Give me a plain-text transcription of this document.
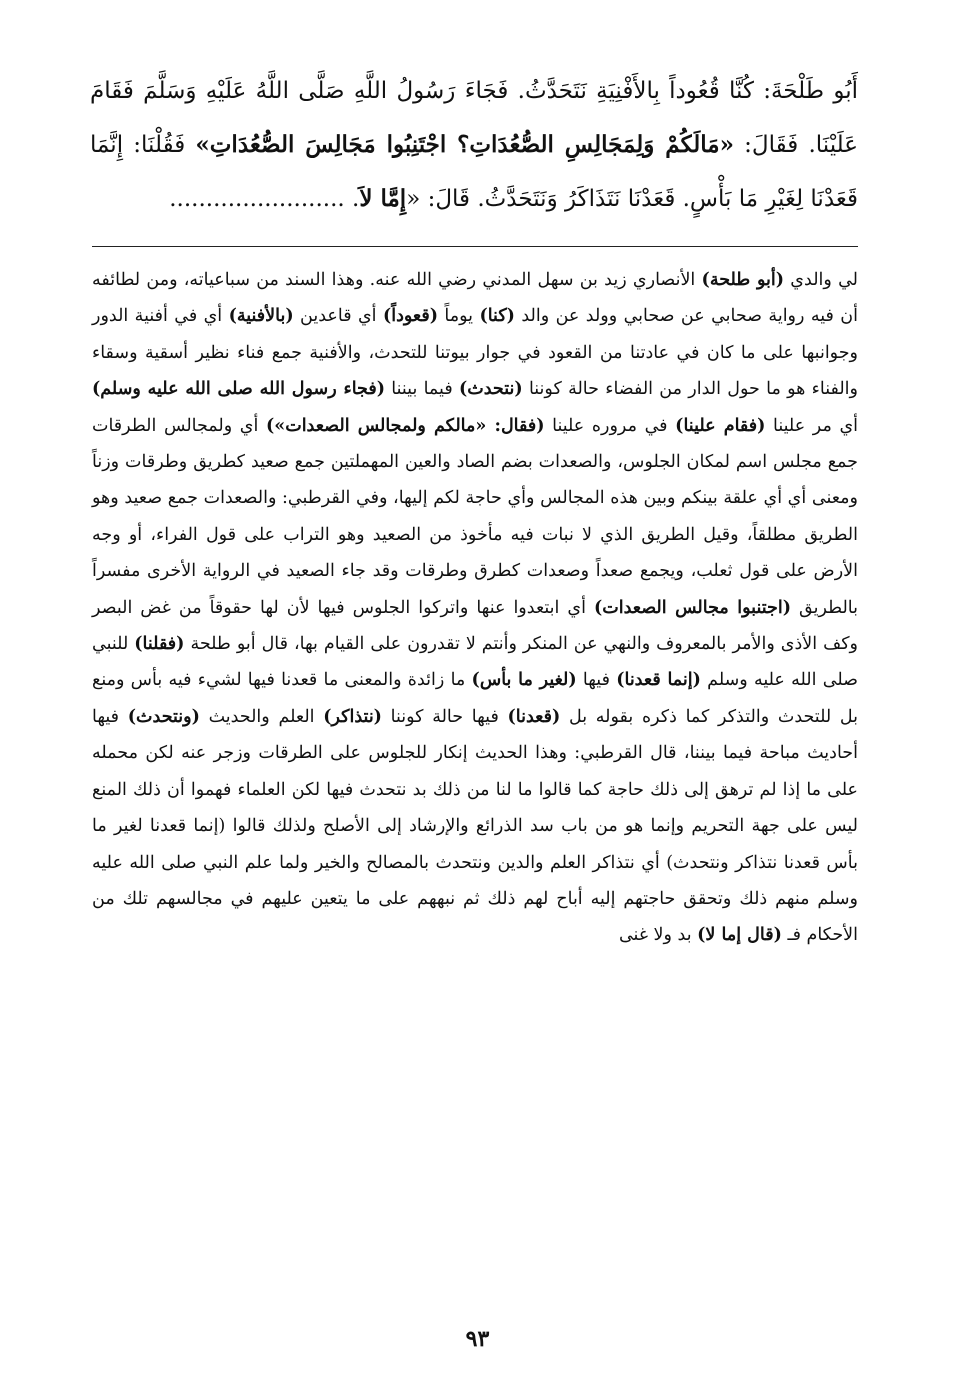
أَبُو طَلْحَةَ: كُنَّا قُعُوداً بِالأَفْنِيَةِ نَتَحَدَّثُ. فَجَاءَ رَسُولُ اللَّهِ صَلَّى اللَّهُ عَلَيْهِ وَسَلَّمَ فَقَامَ عَلَيْنَا. فَقَالَ: «مَالَكُمْ وَلِمَجَالِسِ الصُّعُدَاتِ؟ اجْتَنِبُوا مَجَالِسَ الصُّعُدَاتِ» فَقُلْنَا: إِنَّمَا قَعَدْنَا لِغَيْرِ مَا بَأْسٍ. قَعَدْنَا نَتَذَاكَرُ وَنَتَحَدَّثُ. قَالَ: «إِمَّا لاَ. ........................

لي والدي (أبو طلحة) الأنصاري زيد بن سهل المدني رضي الله عنه. وهذا السند من سباعياته، ومن لطائفه أن فيه رواية صحابي عن صحابي وولد عن والد (كنا) يوماً (قعوداً) أي قاعدين (بالأفنية) أي في أفنية الدور وجوانبها على ما كان في عادتنا من القعود في جوار بيوتنا للتحدث، والأفنية جمع فناء نظير أسقية وسقاء والفناء هو ما حول الدار من الفضاء حالة كوننا (نتحدث) فيما بيننا (فجاء رسول الله صلى الله عليه وسلم) أي مر علينا (فقام علينا) في مروره علينا (فقال: «مالكم ولمجالس الصعدات») أي ولمجالس الطرقات جمع مجلس اسم لمكان الجلوس، والصعدات بضم الصاد والعين المهملتين جمع صعيد كطريق وطرقات وزناً ومعنى أي أي علقة بينكم وبين هذه المجالس وأي حاجة لكم إليها، وفي القرطبي: والصعدات جمع صعيد وهو الطريق مطلقاً، وقيل الطريق الذي لا نبات فيه مأخوذ من الصعيد وهو التراب على قول الفراء، أو وجه الأرض على قول ثعلب، ويجمع صعداً وصعدات كطرق وطرقات وقد جاء الصعيد في الرواية الأخرى مفسراً بالطريق (اجتنبوا مجالس الصعدات) أي ابتعدوا عنها واتركوا الجلوس فيها لأن لها حقوقاً من غض البصر وكف الأذى والأمر بالمعروف والنهي عن المنكر وأنتم لا تقدرون على القيام بها، قال أبو طلحة (فقلنا) للنبي صلى الله عليه وسلم (إنما قعدنا) فيها (لغير ما بأس) ما زائدة والمعنى ما قعدنا فيها لشيء فيه بأس ومنع بل للتحدث والتذكر كما ذكره بقوله بل (قعدنا) فيها حالة كوننا (نتذاكر) العلم والحديث (ونتحدث) فيها أحاديث مباحة فيما بيننا، قال القرطبي: وهذا الحديث إنكار للجلوس على الطرقات وزجر عنه لكن محمله على ما إذا لم ترهق إلى ذلك حاجة كما قالوا ما لنا من ذلك بد نتحدث فيها لكن العلماء فهموا أن ذلك المنع ليس على جهة التحريم وإنما هو من باب سد الذرائع والإرشاد إلى الأصلح ولذلك قالوا (إنما قعدنا لغير ما بأس قعدنا نتذاكر ونتحدث) أي نتذاكر العلم والدين ونتحدث بالمصالح والخير ولما علم النبي صلى الله عليه وسلم منهم ذلك وتحقق حاجتهم إليه أباح لهم ذلك ثم نبههم على ما يتعين عليهم في مجالسهم تلك من الأحكام فـ (قال إما لا) بد ولا غنى

٩٣
